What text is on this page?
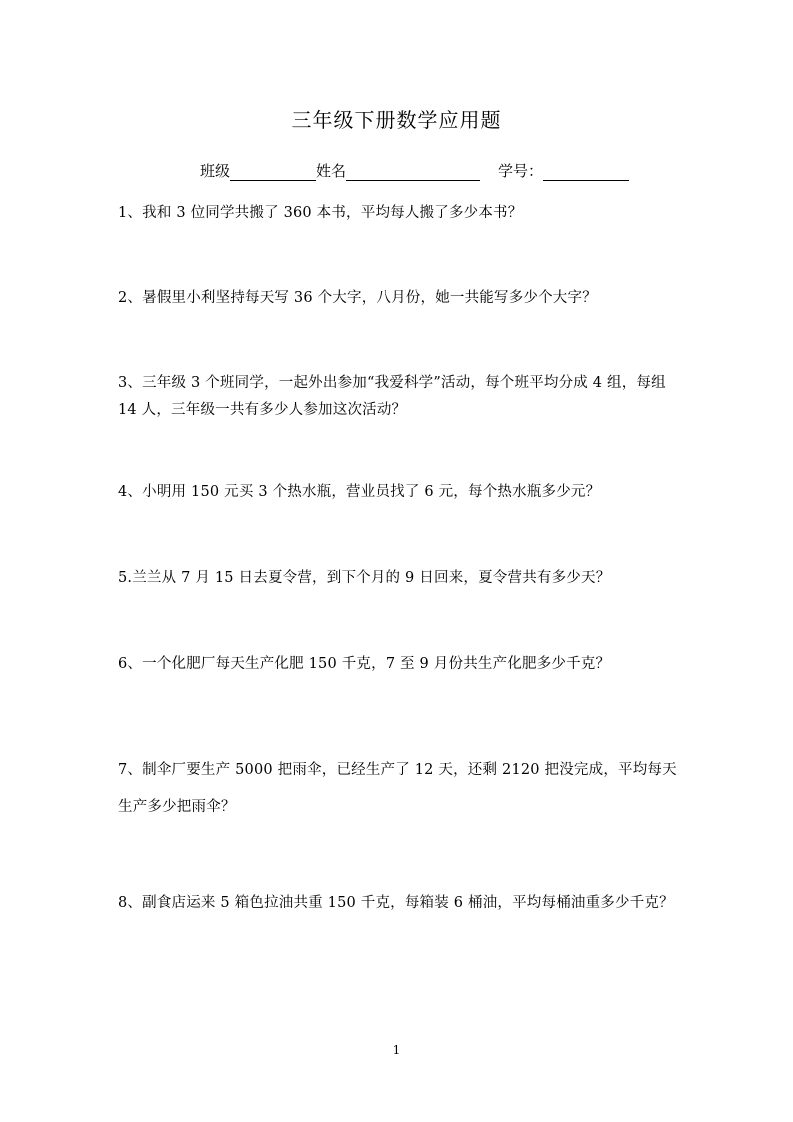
三年级下册数学应用题
班级	姓名	学号：
1、我和 3 位同学共搬了 360 本书，平均每人搬了多少本书？
2、暑假里小利坚持每天写 36 个大字，八月份，她一共能写多少个大字？
3、三年级 3 个班同学，一起外出参加“我爱科学”活动，每个班平均分成 4 组，每组 14 人，三年级一共有多少人参加这次活动？
4、小明用 150 元买 3 个热水瓶，营业员找了 6 元，每个热水瓶多少元？
5.兰兰从 7 月 15 日去夏令营，到下个月的 9 日回来，夏令营共有多少天？
6、一个化肥厂每天生产化肥 150 千克，7 至 9 月份共生产化肥多少千克？
7、制伞厂要生产 5000 把雨伞，已经生产了 12 天，还剩 2120 把没完成，平均每天生产多少把雨伞？
8、副食店运来 5 箱色拉油共重 150 千克，每箱装 6 桶油，平均每桶油重多少千克？
1
